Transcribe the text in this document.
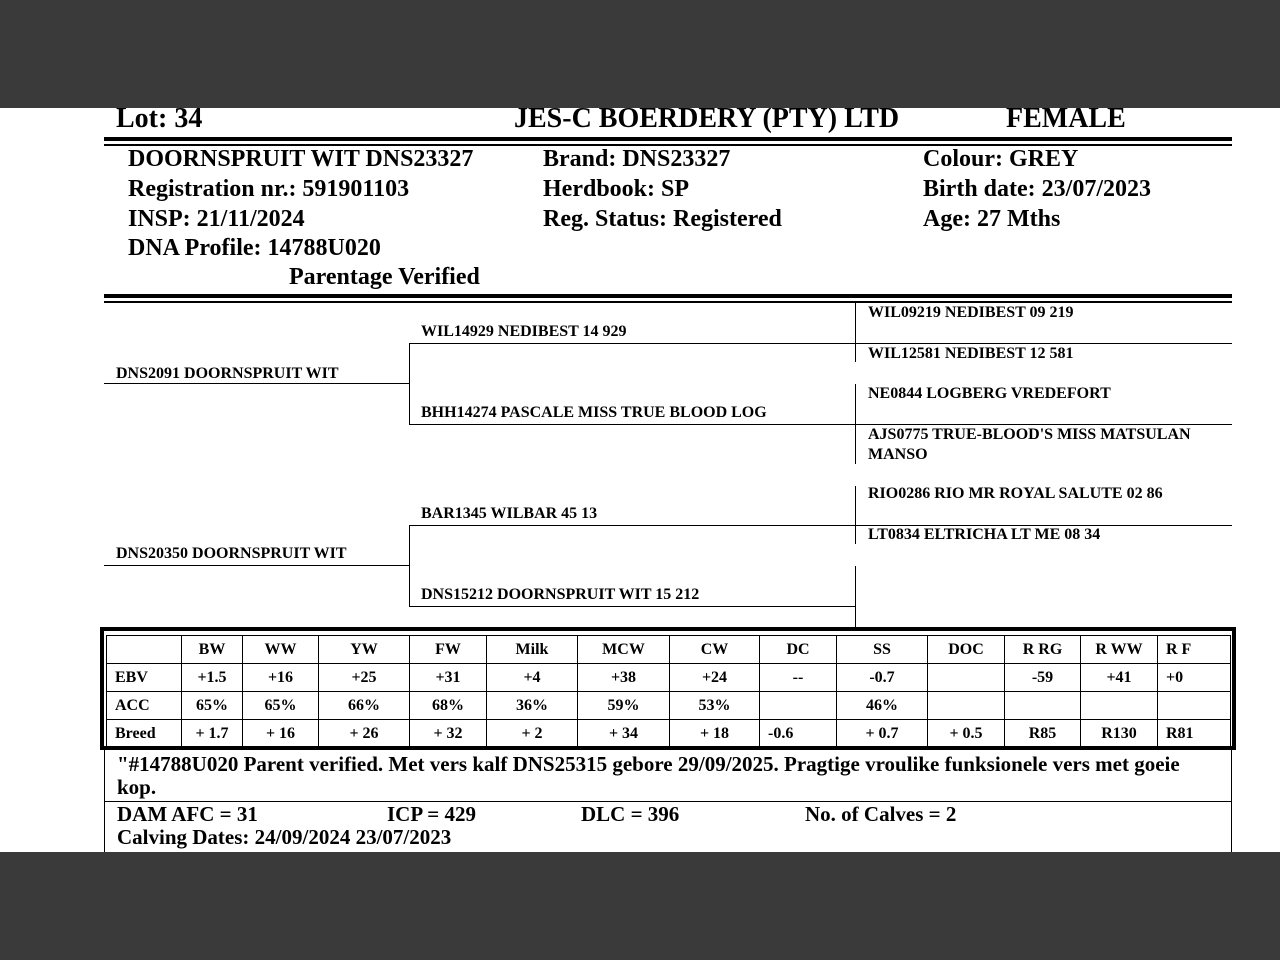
Lot: 34	JES-C BOERDERY (PTY) LTD	FEMALE
DOORNSPRUIT WIT DNS23327
Registration nr.: 591901103
INSP: 21/11/2024
DNA Profile: 14788U020
Parentage Verified
Brand: DNS23327
Herdbook: SP
Reg. Status: Registered
Colour: GREY
Birth date: 23/07/2023
Age: 27 Mths
DNS2091 DOORNSPRUIT WIT
DNS20350 DOORNSPRUIT WIT
WIL14929 NEDIBEST 14 929
BHH14274 PASCALE MISS TRUE BLOOD LOG
BAR1345 WILBAR 45 13
DNS15212 DOORNSPRUIT WIT 15 212
WIL09219 NEDIBEST 09 219
WIL12581 NEDIBEST 12 581
NE0844 LOGBERG VREDEFORT
AJS0775 TRUE-BLOOD'S MISS MATSULAN
MANSO
RIO0286 RIO MR ROYAL SALUTE 02 86
LT0834 ELTRICHA LT ME 08 34
	BW	WW	YW	FW	Milk	MCW	CW	DC	SS	DOC	R RG	R WW	R F
EBV	+1.5	+16	+25	+31	+4	+38	+24	--	-0.7		-59	+41	+0
ACC	65%	65%	66%	68%	36%	59%	53%		46%				
Breed	+ 1.7	+ 16	+ 26	+ 32	+ 2	+ 34	+ 18	-0.6	+ 0.7	+ 0.5	R85	R130	R81
"#14788U020 Parent verified. Met vers kalf DNS25315 gebore 29/09/2025. Pragtige vroulike funksionele vers met goeie kop.
DAM AFC = 31	ICP = 429	DLC = 396	No. of Calves = 2
Calving Dates: 24/09/2024 23/07/2023
